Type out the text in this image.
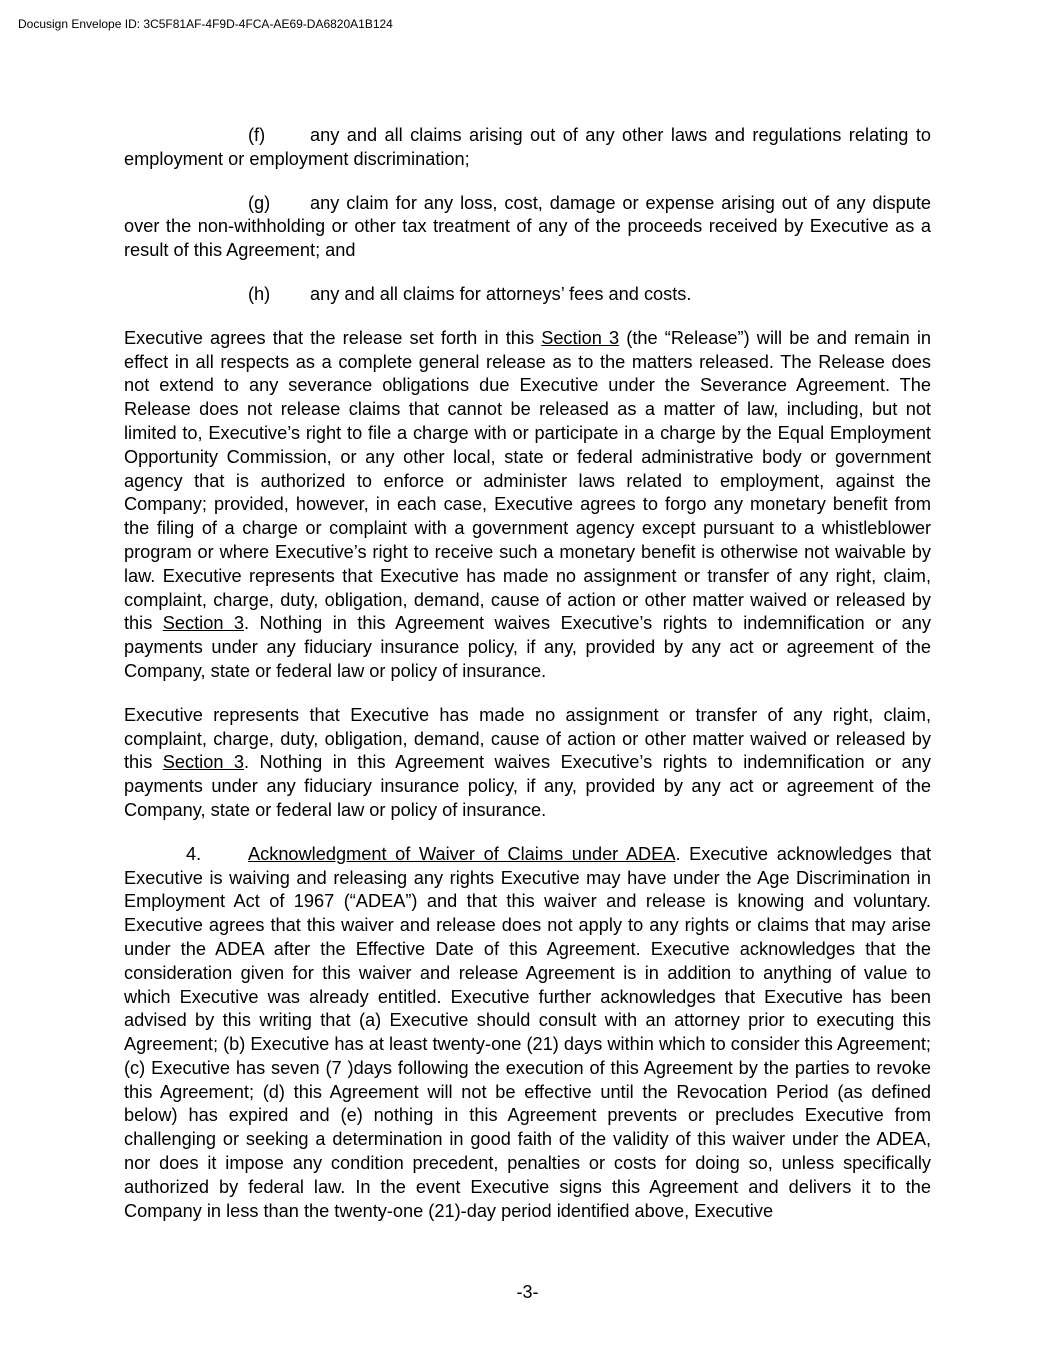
Docusign Envelope ID: 3C5F81AF-4F9D-4FCA-AE69-DA6820A1B124

(f) any and all claims arising out of any other laws and regulations relating to employment or employment discrimination;

(g) any claim for any loss, cost, damage or expense arising out of any dispute over the non-withholding or other tax treatment of any of the proceeds received by Executive as a result of this Agreement; and

(h) any and all claims for attorneys’ fees and costs.

Executive agrees that the release set forth in this Section 3 (the “Release”) will be and remain in effect in all respects as a complete general release as to the matters released. The Release does not extend to any severance obligations due Executive under the Severance Agreement. The Release does not release claims that cannot be released as a matter of law, including, but not limited to, Executive’s right to file a charge with or participate in a charge by the Equal Employment Opportunity Commission, or any other local, state or federal administrative body or government agency that is authorized to enforce or administer laws related to employment, against the Company; provided, however, in each case, Executive agrees to forgo any monetary benefit from the filing of a charge or complaint with a government agency except pursuant to a whistleblower program or where Executive’s right to receive such a monetary benefit is otherwise not waivable by law. Executive represents that Executive has made no assignment or transfer of any right, claim, complaint, charge, duty, obligation, demand, cause of action or other matter waived or released by this Section 3. Nothing in this Agreement waives Executive’s rights to indemnification or any payments under any fiduciary insurance policy, if any, provided by any act or agreement of the Company, state or federal law or policy of insurance.

Executive represents that Executive has made no assignment or transfer of any right, claim, complaint, charge, duty, obligation, demand, cause of action or other matter waived or released by this Section 3. Nothing in this Agreement waives Executive’s rights to indemnification or any payments under any fiduciary insurance policy, if any, provided by any act or agreement of the Company, state or federal law or policy of insurance.

4.	Acknowledgment of Waiver of Claims under ADEA. Executive acknowledges that Executive is waiving and releasing any rights Executive may have under the Age Discrimination in Employment Act of 1967 (“ADEA”) and that this waiver and release is knowing and voluntary. Executive agrees that this waiver and release does not apply to any rights or claims that may arise under the ADEA after the Effective Date of this Agreement. Executive acknowledges that the consideration given for this waiver and release Agreement is in addition to anything of value to which Executive was already entitled. Executive further acknowledges that Executive has been advised by this writing that (a) Executive should consult with an attorney prior to executing this Agreement; (b) Executive has at least twenty-one (21) days within which to consider this Agreement; (c) Executive has seven (7 )days following the execution of this Agreement by the parties to revoke this Agreement; (d) this Agreement will not be effective until the Revocation Period (as defined below) has expired and (e) nothing in this Agreement prevents or precludes Executive from challenging or seeking a determination in good faith of the validity of this waiver under the ADEA, nor does it impose any condition precedent, penalties or costs for doing so, unless specifically authorized by federal law. In the event Executive signs this Agreement and delivers it to the Company in less than the twenty-one (21)-day period identified above, Executive

-3-
